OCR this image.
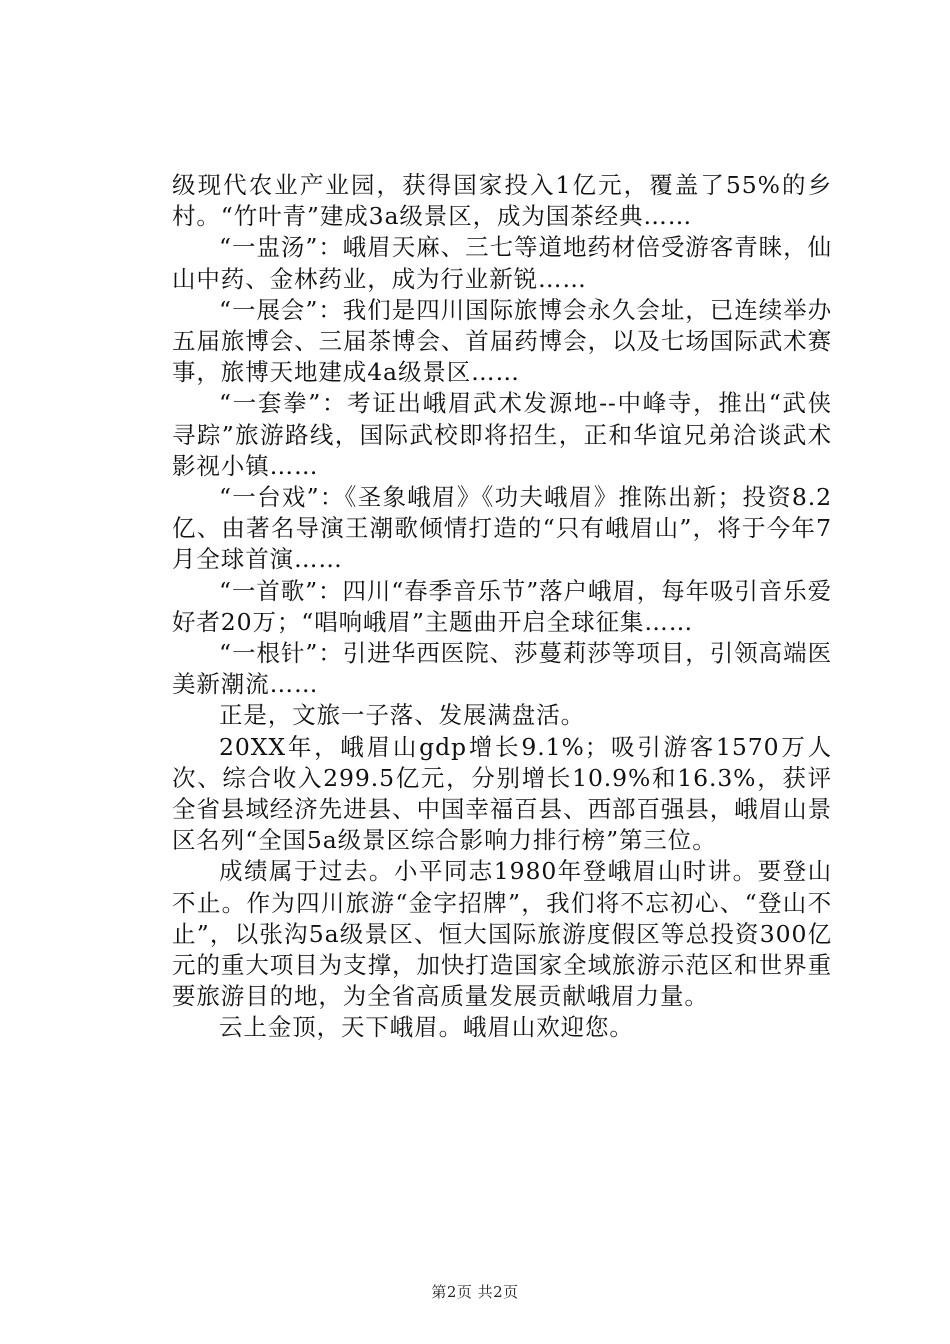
级现代农业产业园，获得国家投入1亿元，覆盖了55%的乡村。“竹叶青”建成3a级景区，成为国茶经典……

“一盅汤”：峨眉天麻、三七等道地药材倍受游客青睐，仙山中药、金林药业，成为行业新锐……

“一展会”：我们是四川国际旅博会永久会址，已连续举办五届旅博会、三届茶博会、首届药博会，以及七场国际武术赛事，旅博天地建成4a级景区……

“一套拳”：考证出峨眉武术发源地--中峰寺，推出“武侠寻踪”旅游路线，国际武校即将招生，正和华谊兄弟洽谈武术影视小镇……

“一台戏”：《圣象峨眉》《功夫峨眉》推陈出新；投资8.2亿、由著名导演王潮歌倾情打造的“只有峨眉山”，将于今年7月全球首演……

“一首歌”：四川“春季音乐节”落户峨眉，每年吸引音乐爱好者20万；“唱响峨眉”主题曲开启全球征集……

“一根针”：引进华西医院、莎蔓莉莎等项目，引领高端医美新潮流……

正是，文旅一子落、发展满盘活。

20XX年，峨眉山gdp增长9.1%；吸引游客1570万人次、综合收入299.5亿元，分别增长10.9%和16.3%，获评全省县域经济先进县、中国幸福百县、西部百强县，峨眉山景区名列“全国5a级景区综合影响力排行榜”第三位。

成绩属于过去。小平同志1980年登峨眉山时讲。要登山不止。作为四川旅游“金字招牌”，我们将不忘初心、“登山不止”，以张沟5a级景区、恒大国际旅游度假区等总投资300亿元的重大项目为支撑，加快打造国家全域旅游示范区和世界重要旅游目的地，为全省高质量发展贡献峨眉力量。

云上金顶，天下峨眉。峨眉山欢迎您。

第2页 共2页
